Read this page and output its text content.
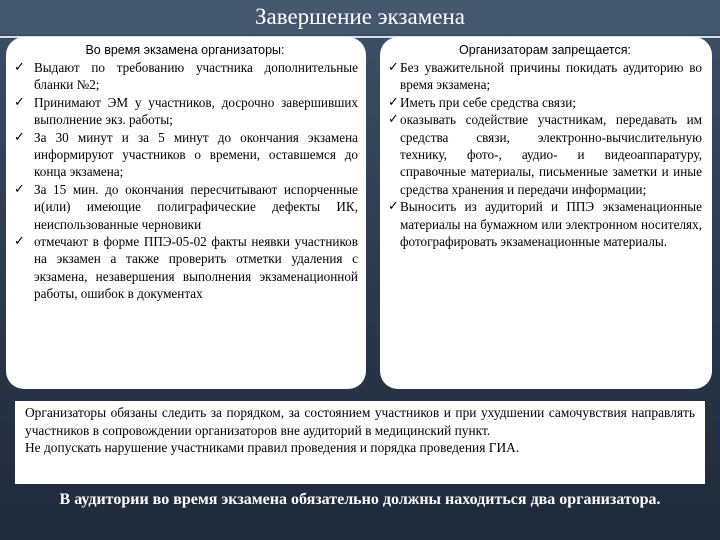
Завершение экзамена
Во время экзамена организаторы:
✓ Выдают по требованию участника дополнительные бланки №2;
✓ Принимают ЭМ у участников, досрочно завершивших выполнение экз. работы;
✓ За 30 минут и за 5 минут до окончания экзамена информируют участников о времени, оставшемся до конца экзамена;
✓ За 15 мин. до окончания пересчитывают испорченные и(или) имеющие полиграфические дефекты ИК, неиспользованные черновики
✓ отмечают в форме ППЭ-05-02 факты неявки участников на экзамен а также проверить отметки удаления с экзамена, незавершения выполнения экзаменационной работы, ошибок в документах
Организаторам запрещается:
✓ Без уважительной причины покидать аудиторию во время экзамена;
✓ Иметь при себе средства связи;
✓ оказывать содействие участникам, передавать им средства связи, электронно-вычислительную технику, фото-, аудио- и видеоаппаратуру, справочные материалы, письменные заметки и иные средства хранения и передачи информации;
✓ Выносить из аудиторий и ППЭ экзаменационные материалы на бумажном или электронном носителях, фотографировать экзаменационные материалы.

Организаторы обязаны следить за порядком, за состоянием участников и при ухудшении самочувствия направлять участников в сопровождении организаторов вне аудиторий в медицинский пункт.

Не допускать нарушение участниками правил проведения и порядка проведения ГИА.

В аудитории во время экзамена обязательно должны находиться два организатора.
